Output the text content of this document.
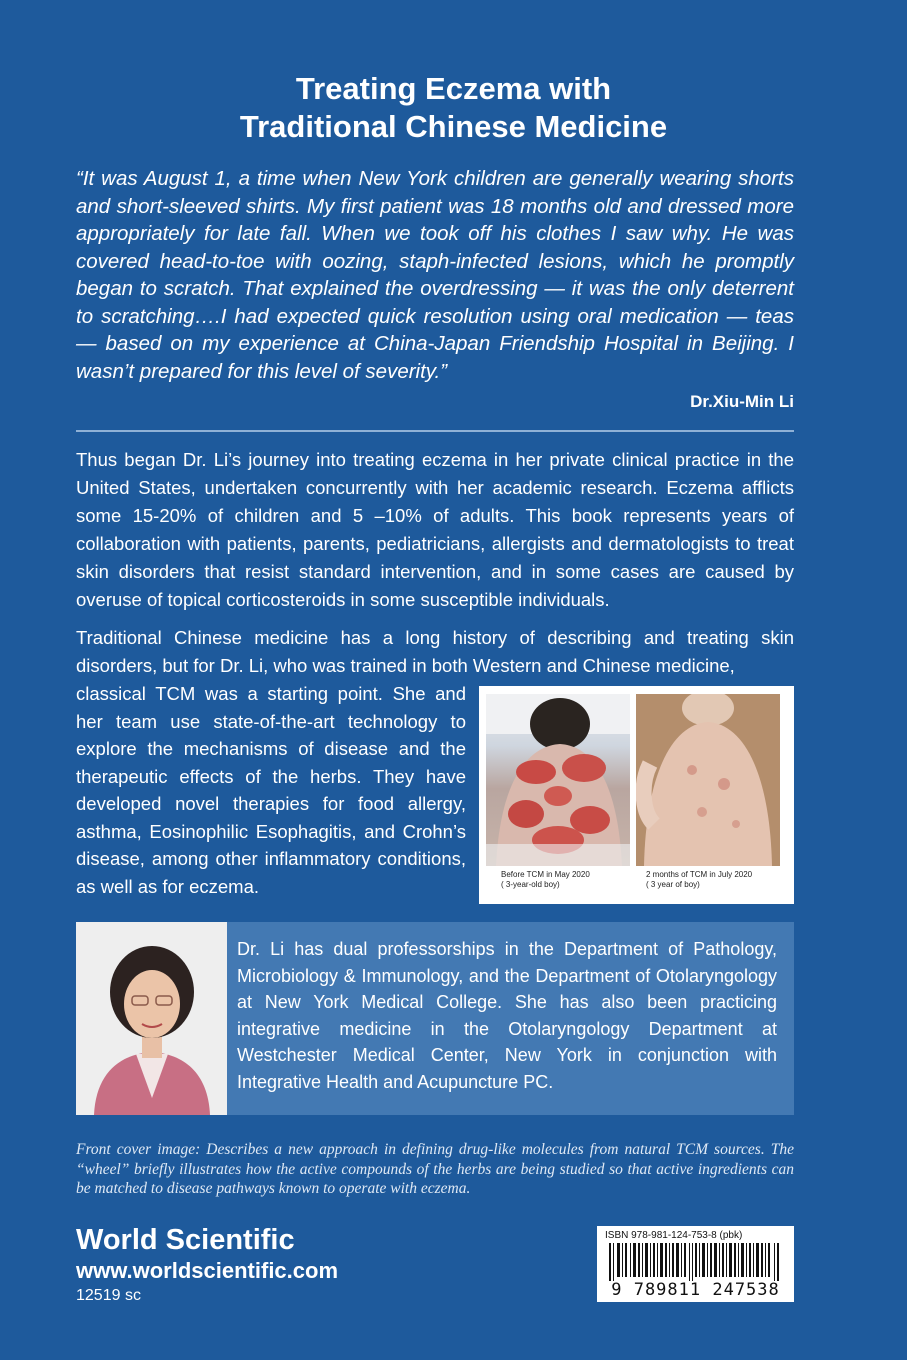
Treating Eczema with
Traditional Chinese Medicine
“It was August 1, a time when New York children are generally wearing shorts and short-sleeved shirts. My first patient was 18 months old and dressed more appropriately for late fall. When we took off his clothes I saw why. He was covered head-to-toe with oozing, staph-infected lesions, which he promptly began to scratch. That explained the overdressing — it was the only deterrent to scratching….I had expected quick resolution using oral medication — teas — based on my experience at China-Japan Friendship Hospital in Beijing. I wasn’t prepared for this level of severity.”
Dr.Xiu-Min Li
Thus began Dr. Li’s journey into treating eczema in her private clinical practice in the United States, undertaken concurrently with her academic research. Eczema afflicts some 15-20% of children and 5 –10% of adults. This book represents years of collaboration with patients, parents, pediatricians, allergists and dermatologists to treat skin disorders that resist standard intervention, and in some cases are caused by overuse of topical corticosteroids in some susceptible individuals.
Traditional Chinese medicine has a long history of describing and treating skin disorders, but for Dr. Li, who was trained in both Western and Chinese medicine,
classical TCM was a starting point. She and her team use state-of-the-art technology to explore the mechanisms of disease and the therapeutic effects of the herbs. They have developed novel therapies for food allergy, asthma, Eosinophilic Esophagitis, and Crohn’s disease, among other inflammatory conditions, as well as for eczema.
Before TCM in May 2020
( 3-year-old boy)
2 months of TCM in July 2020
( 3 year of boy)
Dr. Li has dual professorships in the Department of Pathology, Microbiology & Immunology, and the Department of Otolaryngology at New York Medical College. She has also been practicing integrative medicine in the Otolaryngology Department at Westchester Medical Center, New York in conjunction with Integrative Health and Acupuncture PC.
Front cover image: Describes a new approach in defining drug-like molecules from natural TCM sources. The “wheel” briefly illustrates how the active compounds of the herbs are being studied so that active ingredients can be matched to disease pathways known to operate with eczema.
World Scientific
www.worldscientific.com
12519 sc
ISBN 978-981-124-753-8 (pbk)
9 789811 247538
